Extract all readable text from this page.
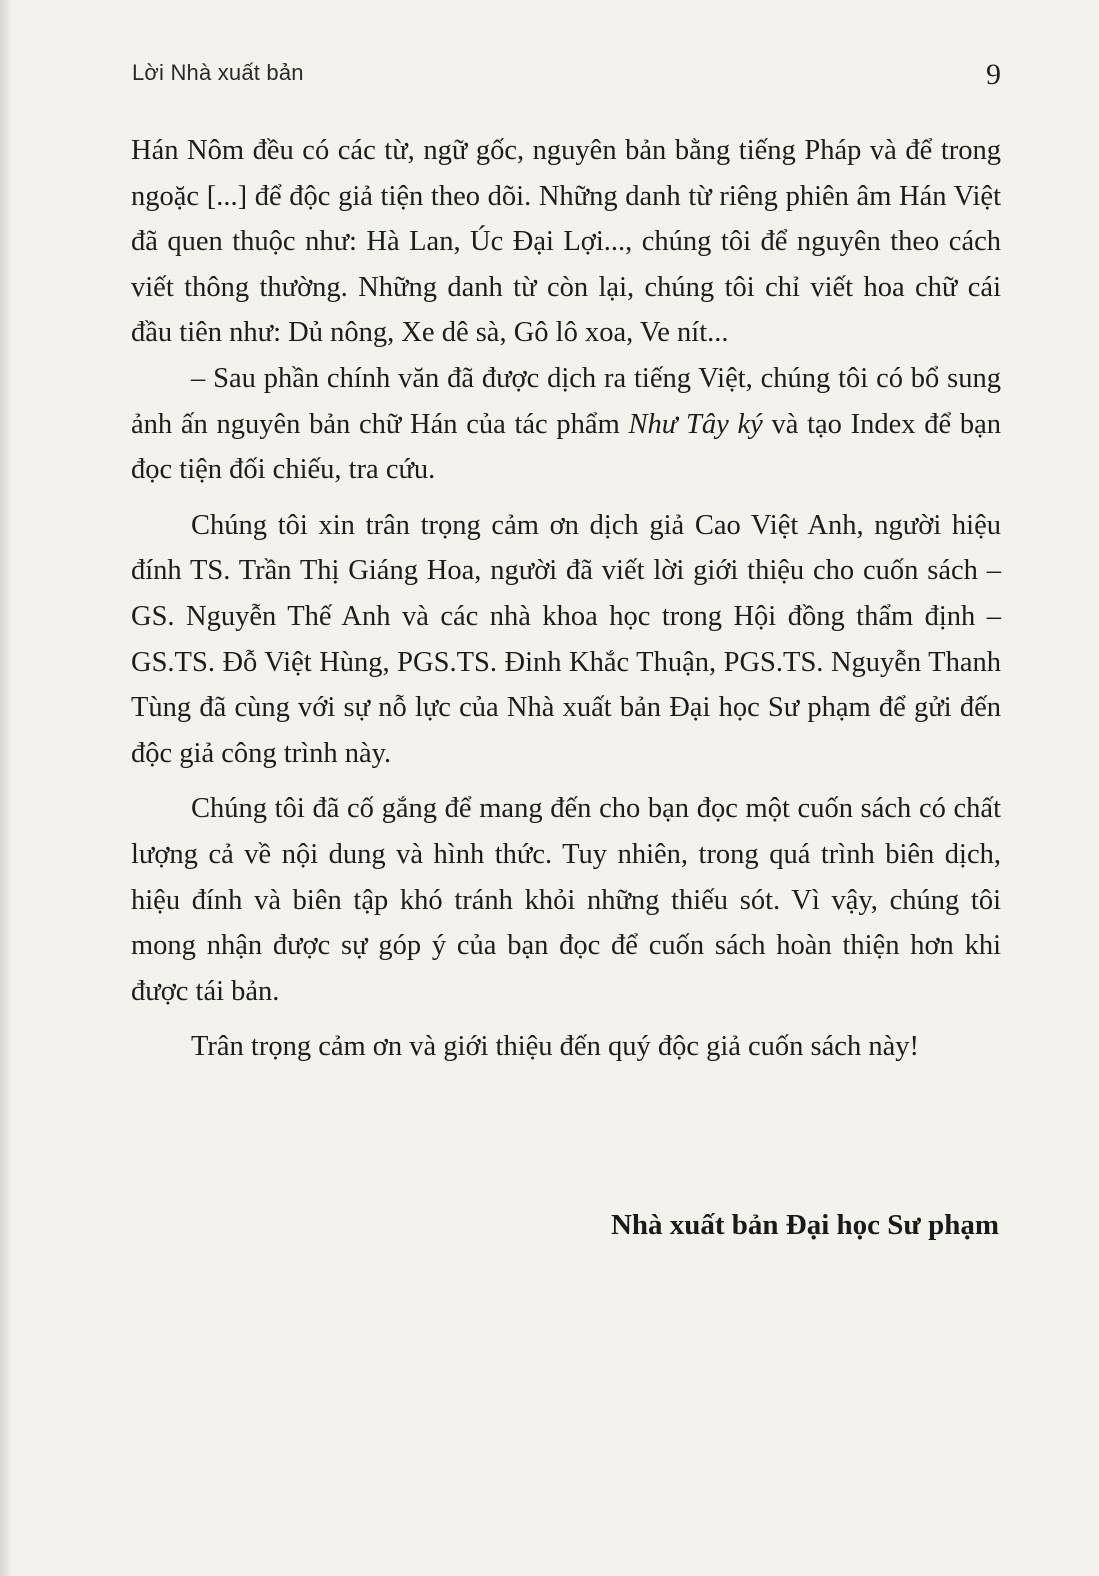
Lời Nhà xuất bản	9

Hán Nôm đều có các từ, ngữ gốc, nguyên bản bằng tiếng Pháp và để trong ngoặc [...] để độc giả tiện theo dõi. Những danh từ riêng phiên âm Hán Việt đã quen thuộc như: Hà Lan, Úc Đại Lợi..., chúng tôi để nguyên theo cách viết thông thường. Những danh từ còn lại, chúng tôi chỉ viết hoa chữ cái đầu tiên như: Dủ nông, Xe dê sà, Gô lô xoa, Ve nít...

– Sau phần chính văn đã được dịch ra tiếng Việt, chúng tôi có bổ sung ảnh ấn nguyên bản chữ Hán của tác phẩm Như Tây ký và tạo Index để bạn đọc tiện đối chiếu, tra cứu.

Chúng tôi xin trân trọng cảm ơn dịch giả Cao Việt Anh, người hiệu đính TS. Trần Thị Giáng Hoa, người đã viết lời giới thiệu cho cuốn sách – GS. Nguyễn Thế Anh và các nhà khoa học trong Hội đồng thẩm định – GS.TS. Đỗ Việt Hùng, PGS.TS. Đinh Khắc Thuận, PGS.TS. Nguyễn Thanh Tùng đã cùng với sự nỗ lực của Nhà xuất bản Đại học Sư phạm để gửi đến độc giả công trình này.

Chúng tôi đã cố gắng để mang đến cho bạn đọc một cuốn sách có chất lượng cả về nội dung và hình thức. Tuy nhiên, trong quá trình biên dịch, hiệu đính và biên tập khó tránh khỏi những thiếu sót. Vì vậy, chúng tôi mong nhận được sự góp ý của bạn đọc để cuốn sách hoàn thiện hơn khi được tái bản.

Trân trọng cảm ơn và giới thiệu đến quý độc giả cuốn sách này!

Nhà xuất bản Đại học Sư phạm
